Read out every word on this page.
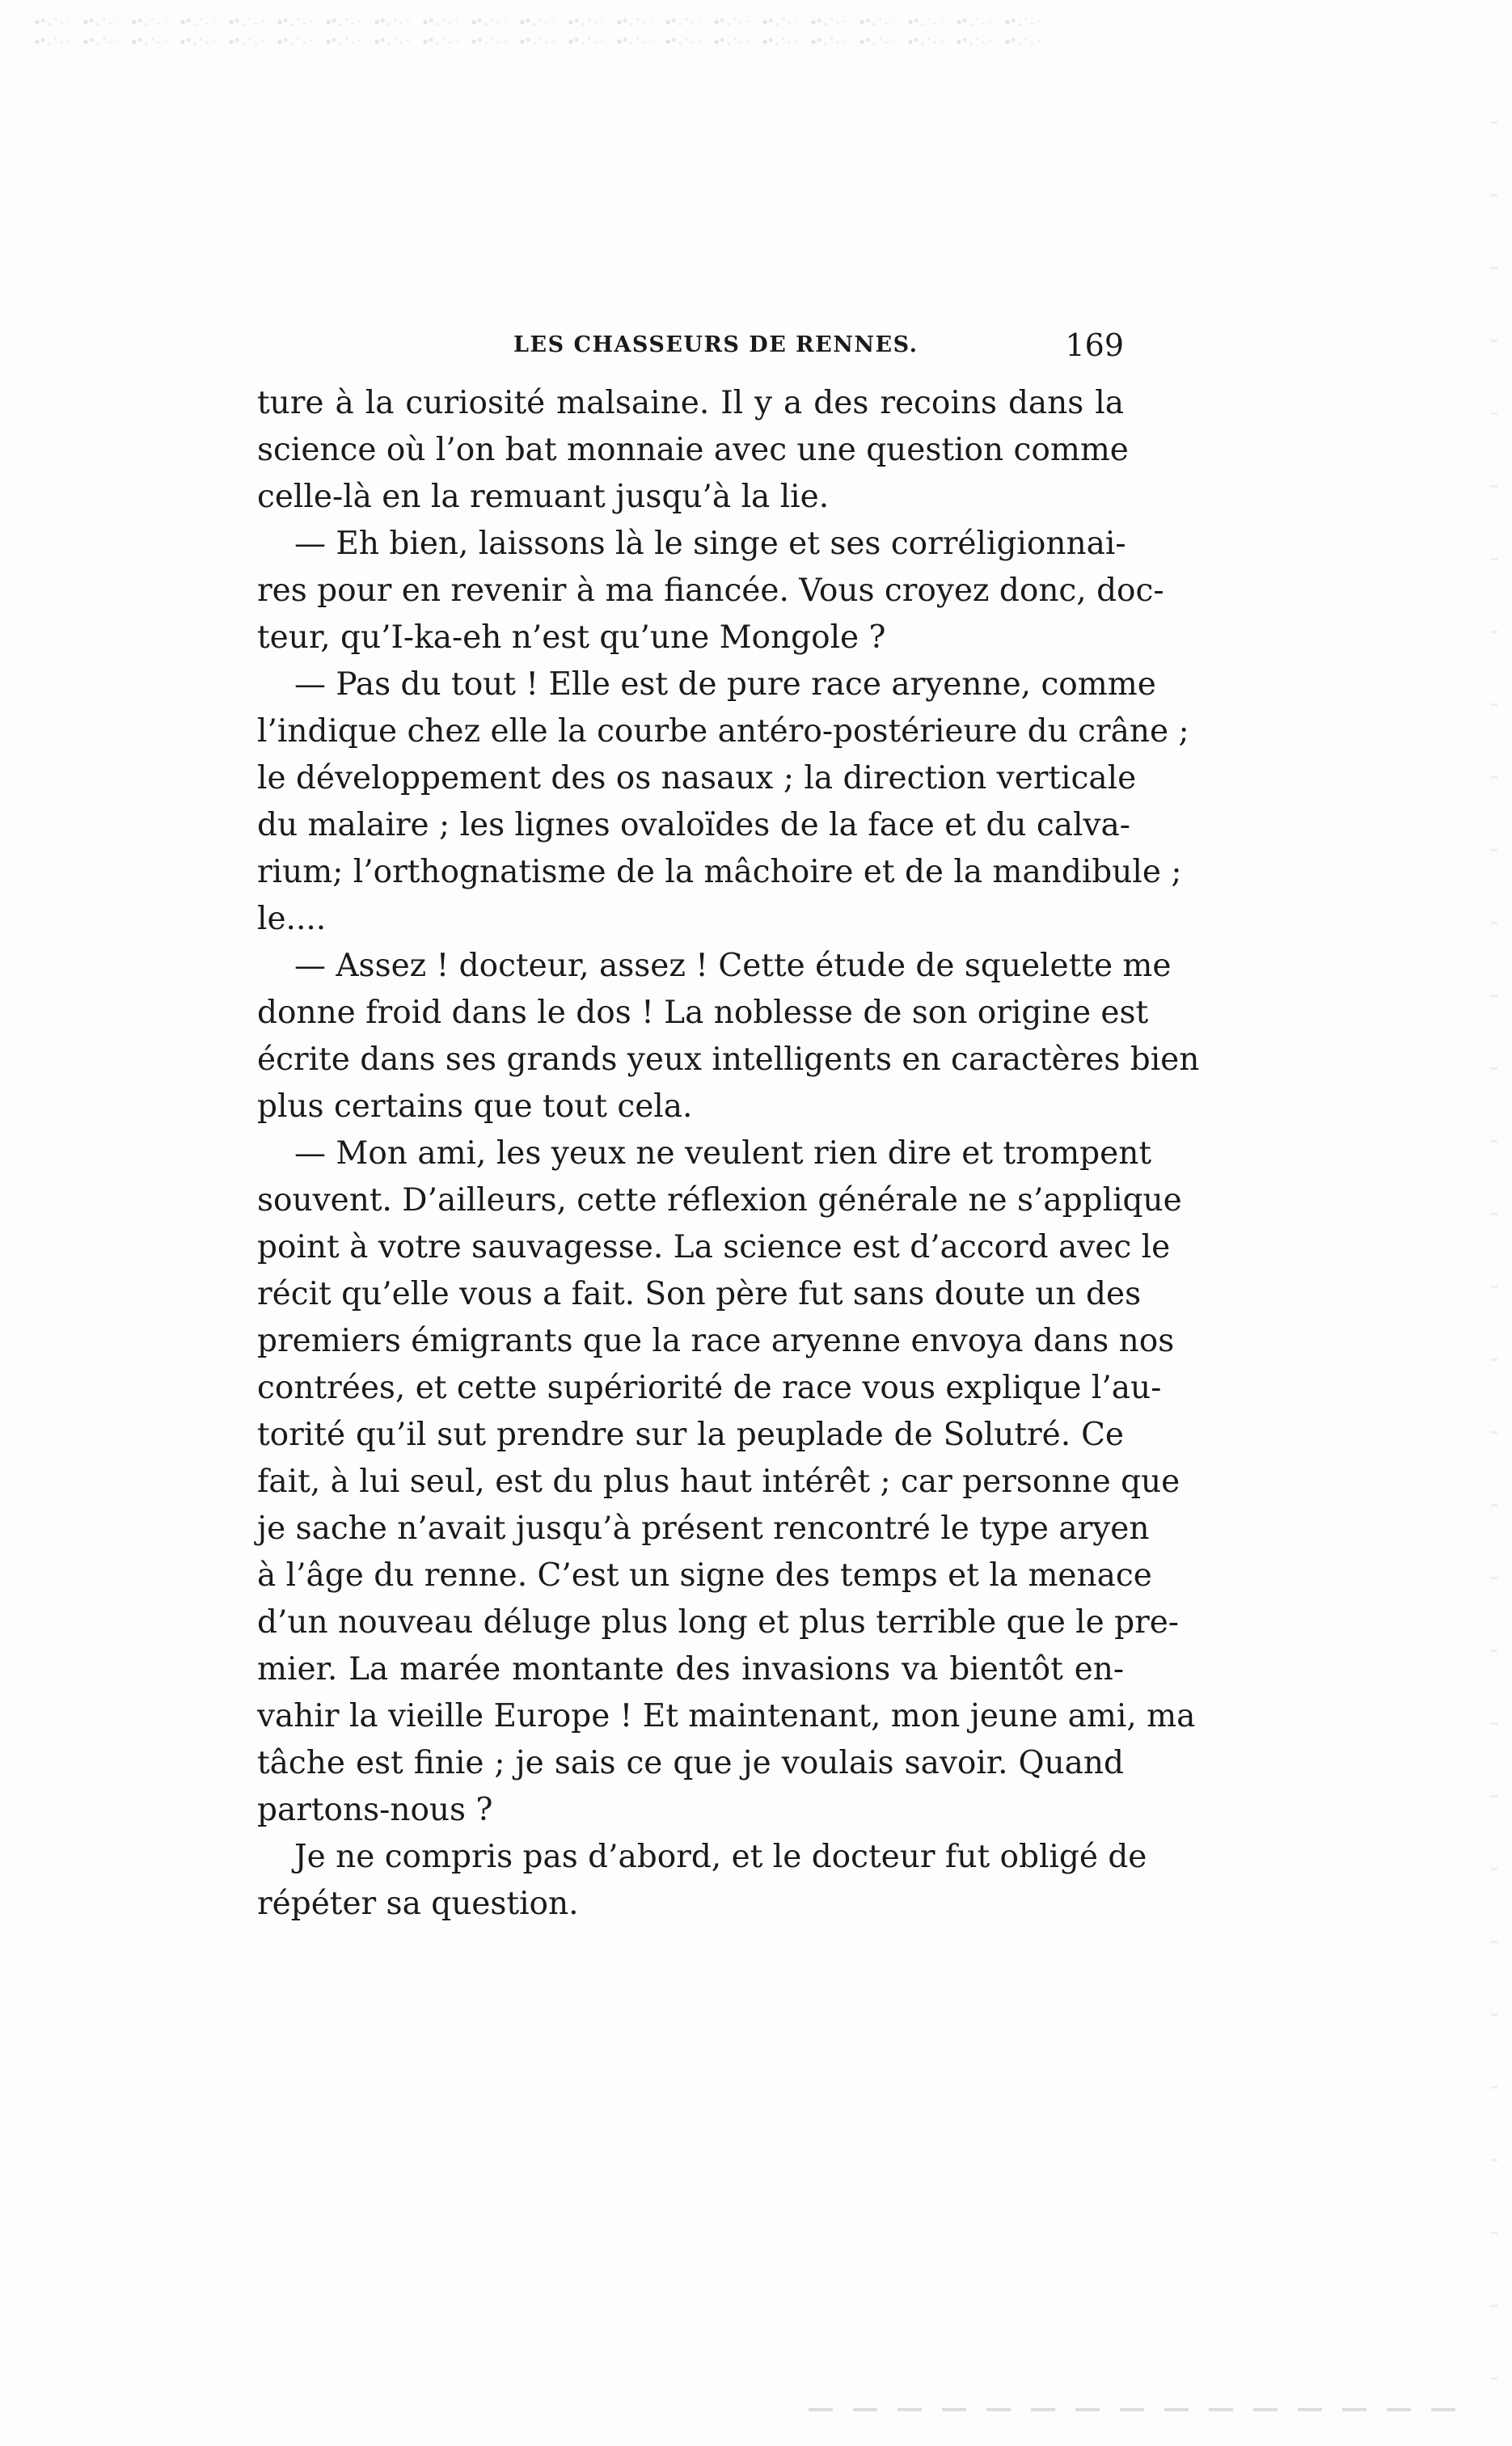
LES CHASSEURS DE RENNES.	169
ture à la curiosité malsaine. Il y a des recoins dans la
science où l’on bat monnaie avec une question comme
celle-là en la remuant jusqu’à la lie.
— Eh bien, laissons là le singe et ses corréligionnai-
res pour en revenir à ma fiancée. Vous croyez donc, doc-
teur, qu’I-ka-eh n’est qu’une Mongole ?
— Pas du tout ! Elle est de pure race aryenne, comme
l’indique chez elle la courbe antéro-postérieure du crâne ;
le développement des os nasaux ; la direction verticale
du malaire ; les lignes ovaloïdes de la face et du calva-
rium; l’orthognatisme de la mâchoire et de la mandibule ;
le....
— Assez ! docteur, assez ! Cette étude de squelette me
donne froid dans le dos ! La noblesse de son origine est
écrite dans ses grands yeux intelligents en caractères bien
plus certains que tout cela.
— Mon ami, les yeux ne veulent rien dire et trompent
souvent. D’ailleurs, cette réflexion générale ne s’applique
point à votre sauvagesse. La science est d’accord avec le
récit qu’elle vous a fait. Son père fut sans doute un des
premiers émigrants que la race aryenne envoya dans nos
contrées, et cette supériorité de race vous explique l’au-
torité qu’il sut prendre sur la peuplade de Solutré. Ce
fait, à lui seul, est du plus haut intérêt ; car personne que
je sache n’avait jusqu’à présent rencontré le type aryen
à l’âge du renne. C’est un signe des temps et la menace
d’un nouveau déluge plus long et plus terrible que le pre-
mier. La marée montante des invasions va bientôt en-
vahir la vieille Europe ! Et maintenant, mon jeune ami, ma
tâche est finie ; je sais ce que je voulais savoir. Quand
partons-nous ?
Je ne compris pas d’abord, et le docteur fut obligé de
répéter sa question.
